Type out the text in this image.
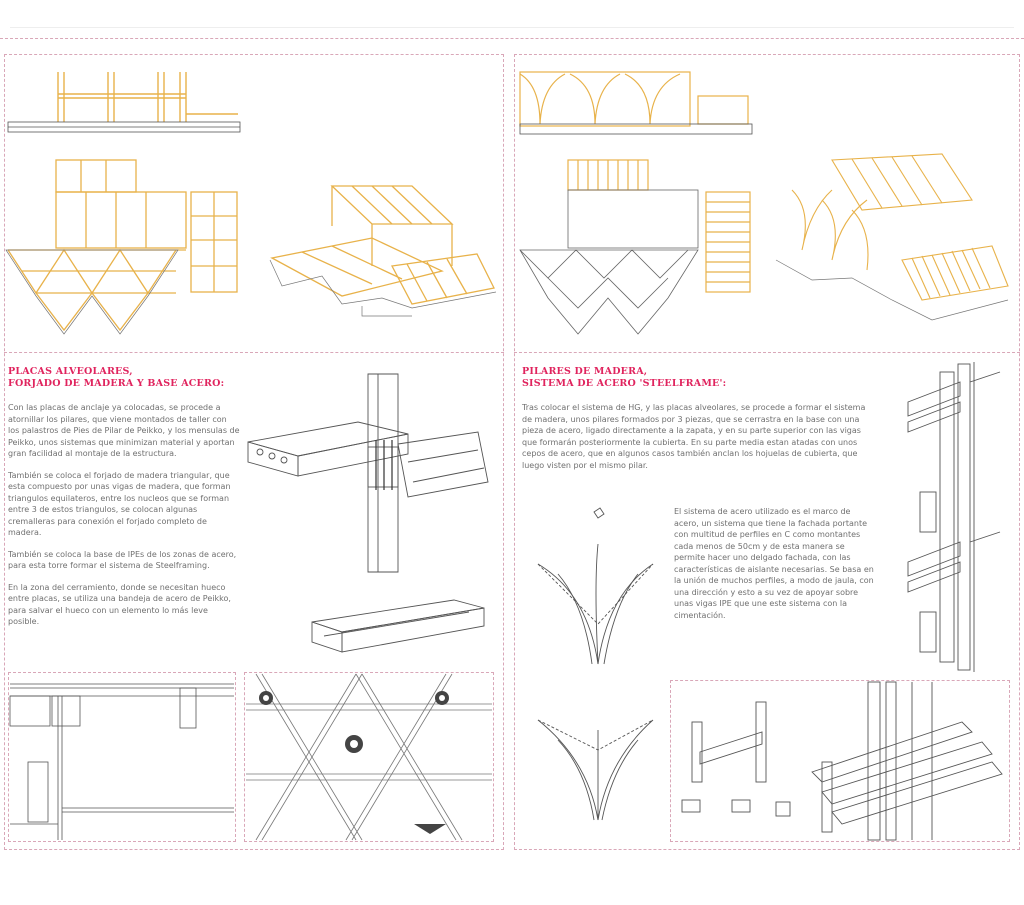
PLACAS ALVEOLARES,
FORJADO DE MADERA Y BASE ACERO:

Con las placas de anclaje ya colocadas, se procede a atornillar los pilares, que viene montados de taller con los palastros de Pies de Pilar de Peikko, y los mensulas de Peikko, unos sistemas que minimizan material y aportan gran facilidad al montaje de la estructura.

También se coloca el forjado de madera triangular, que esta compuesto por unas vigas de madera, que forman triangulos equilateros, entre los nucleos que se forman entre 3 de estos triangulos, se colocan algunas cremalleras para conexión el forjado completo de madera.

También se coloca la base de IPEs de los zonas de acero, para esta torre formar el sistema de Steelframing.

En la zona del cerramiento, donde se necesitan hueco entre placas, se utiliza una bandeja de acero de Peikko, para salvar el hueco con un elemento lo más leve posible.

PILARES DE MADERA,
SISTEMA DE ACERO 'STEELFRAME':

Tras colocar el sistema de HG, y las placas alveolares, se procede a formar el sistema de madera, unos pilares formados por 3 piezas, que se cerrastra en la base con una pieza de acero, ligado directamente a la zapata, y en su parte superior con las vigas que formarán posteriormente la cubierta. En su parte media estan atadas con unos cepos de acero, que en algunos casos también anclan los hojuelas de cubierta, que luego visten por el mismo pilar.

El sistema de acero utilizado es el marco de acero, un sistema que tiene la fachada portante con multitud de perfiles en C como montantes cada menos de 50cm y de esta manera se permite hacer uno delgado fachada, con las características de aislante necesarias. Se basa en la unión de muchos perfiles, a modo de jaula, con una dirección y esto a su vez de apoyar sobre unas vigas IPE que une este sistema con la cimentación.
